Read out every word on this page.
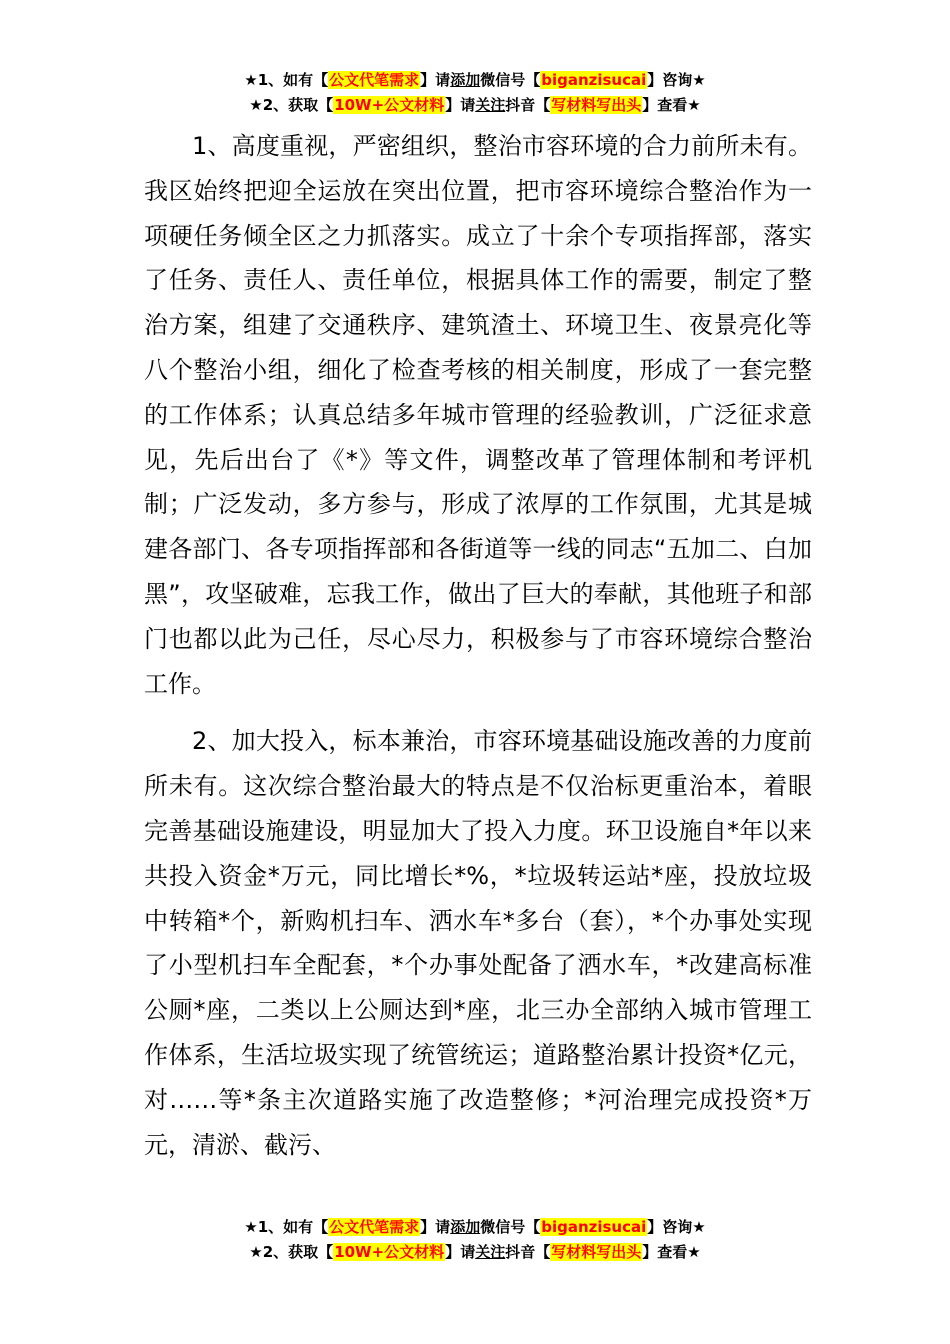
★1、如有【公文代笔需求】请添加微信号【biganzisucai】咨询★
★2、获取【10W+公文材料】请关注抖音【写材料写出头】查看★

1、高度重视，严密组织，整治市容环境的合力前所未有。我区始终把迎全运放在突出位置，把市容环境综合整治作为一项硬任务倾全区之力抓落实。成立了十余个专项指挥部，落实了任务、责任人、责任单位，根据具体工作的需要，制定了整治方案，组建了交通秩序、建筑渣土、环境卫生、夜景亮化等八个整治小组，细化了检查考核的相关制度，形成了一套完整的工作体系；认真总结多年城市管理的经验教训，广泛征求意见，先后出台了《*》等文件，调整改革了管理体制和考评机制；广泛发动，多方参与，形成了浓厚的工作氛围，尤其是城建各部门、各专项指挥部和各街道等一线的同志“五加二、白加黑”，攻坚破难，忘我工作，做出了巨大的奉献，其他班子和部门也都以此为己任，尽心尽力，积极参与了市容环境综合整治工作。

2、加大投入，标本兼治，市容环境基础设施改善的力度前所未有。这次综合整治最大的特点是不仅治标更重治本，着眼完善基础设施建设，明显加大了投入力度。环卫设施自*年以来共投入资金*万元，同比增长*%，*垃圾转运站*座，投放垃圾中转箱*个，新购机扫车、洒水车*多台（套），*个办事处实现了小型机扫车全配套，*个办事处配备了洒水车，*改建高标准公厕*座，二类以上公厕达到*座，北三办全部纳入城市管理工作体系，生活垃圾实现了统管统运；道路整治累计投资*亿元，对……等*条主次道路实施了改造整修；*河治理完成投资*万元，清淤、截污、

★1、如有【公文代笔需求】请添加微信号【biganzisucai】咨询★
★2、获取【10W+公文材料】请关注抖音【写材料写出头】查看★
